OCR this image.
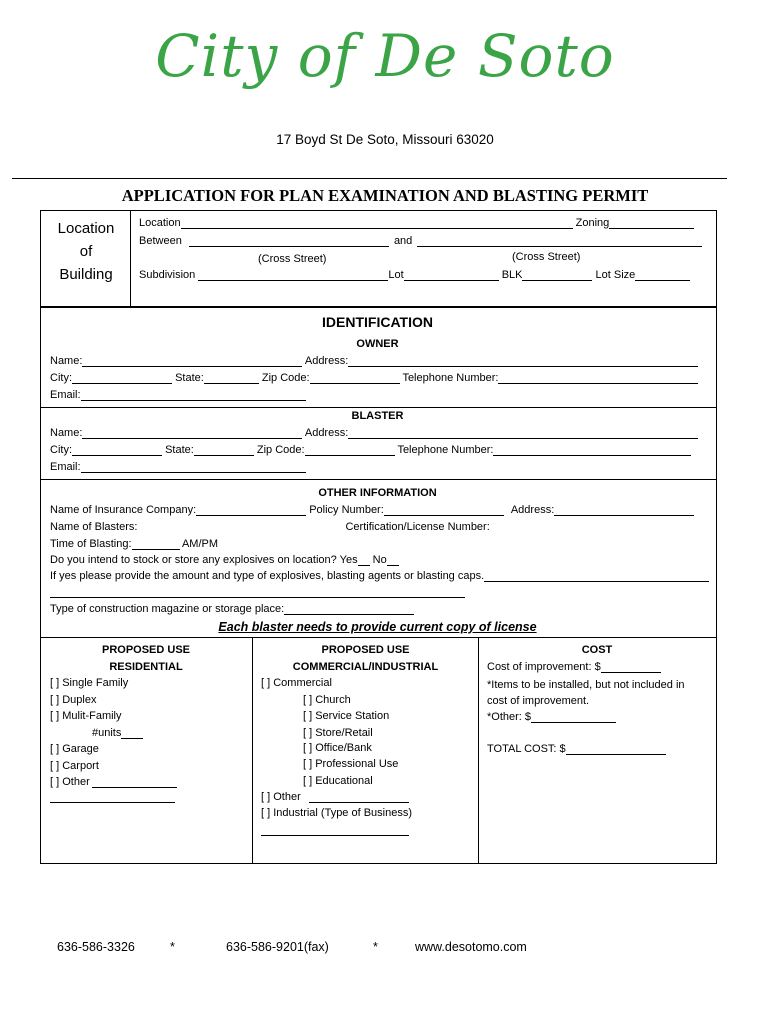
City of De Soto
17 Boyd St De Soto, Missouri 63020
APPLICATION FOR PLAN EXAMINATION AND BLASTING PERMIT
Location
of
Building
Location	Zoning
Between	and
(Cross Street)	(Cross Street)
Subdivision	Lot	BLK	Lot Size
IDENTIFICATION
OWNER
Name:	Address:
City:	State:	Zip Code:	Telephone Number:
Email:
BLASTER
Name:	Address:
City:	State:	Zip Code:	Telephone Number:
Email:
OTHER INFORMATION
Name of Insurance Company:	Policy Number:	Address:
Name of Blasters:	Certification/License Number:
Time of Blasting:	AM/PM
Do you intend to stock or store any explosives on location? Yes No
If yes please provide the amount and type of explosives, blasting agents or blasting caps.
Type of construction magazine or storage place:
Each blaster needs to provide current copy of license
PROPOSED USE
RESIDENTIAL
[ ] Single Family
[ ] Duplex
[ ] Mulit-Family
#units
[ ] Garage
[ ] Carport
[ ] Other
PROPOSED USE
COMMERCIAL/INDUSTRIAL
[ ] Commercial
[ ] Church
[ ] Service Station
[ ] Store/Retail
[ ] Office/Bank
[ ] Professional Use
[ ] Educational
[ ] Other
[ ] Industrial (Type of Business)
COST
Cost of improvement: $
*Items to be installed, but not included in
cost of improvement.
*Other: $
TOTAL COST: $
636-586-3326	*	636-586-9201(fax)	*	www.desotomo.com
